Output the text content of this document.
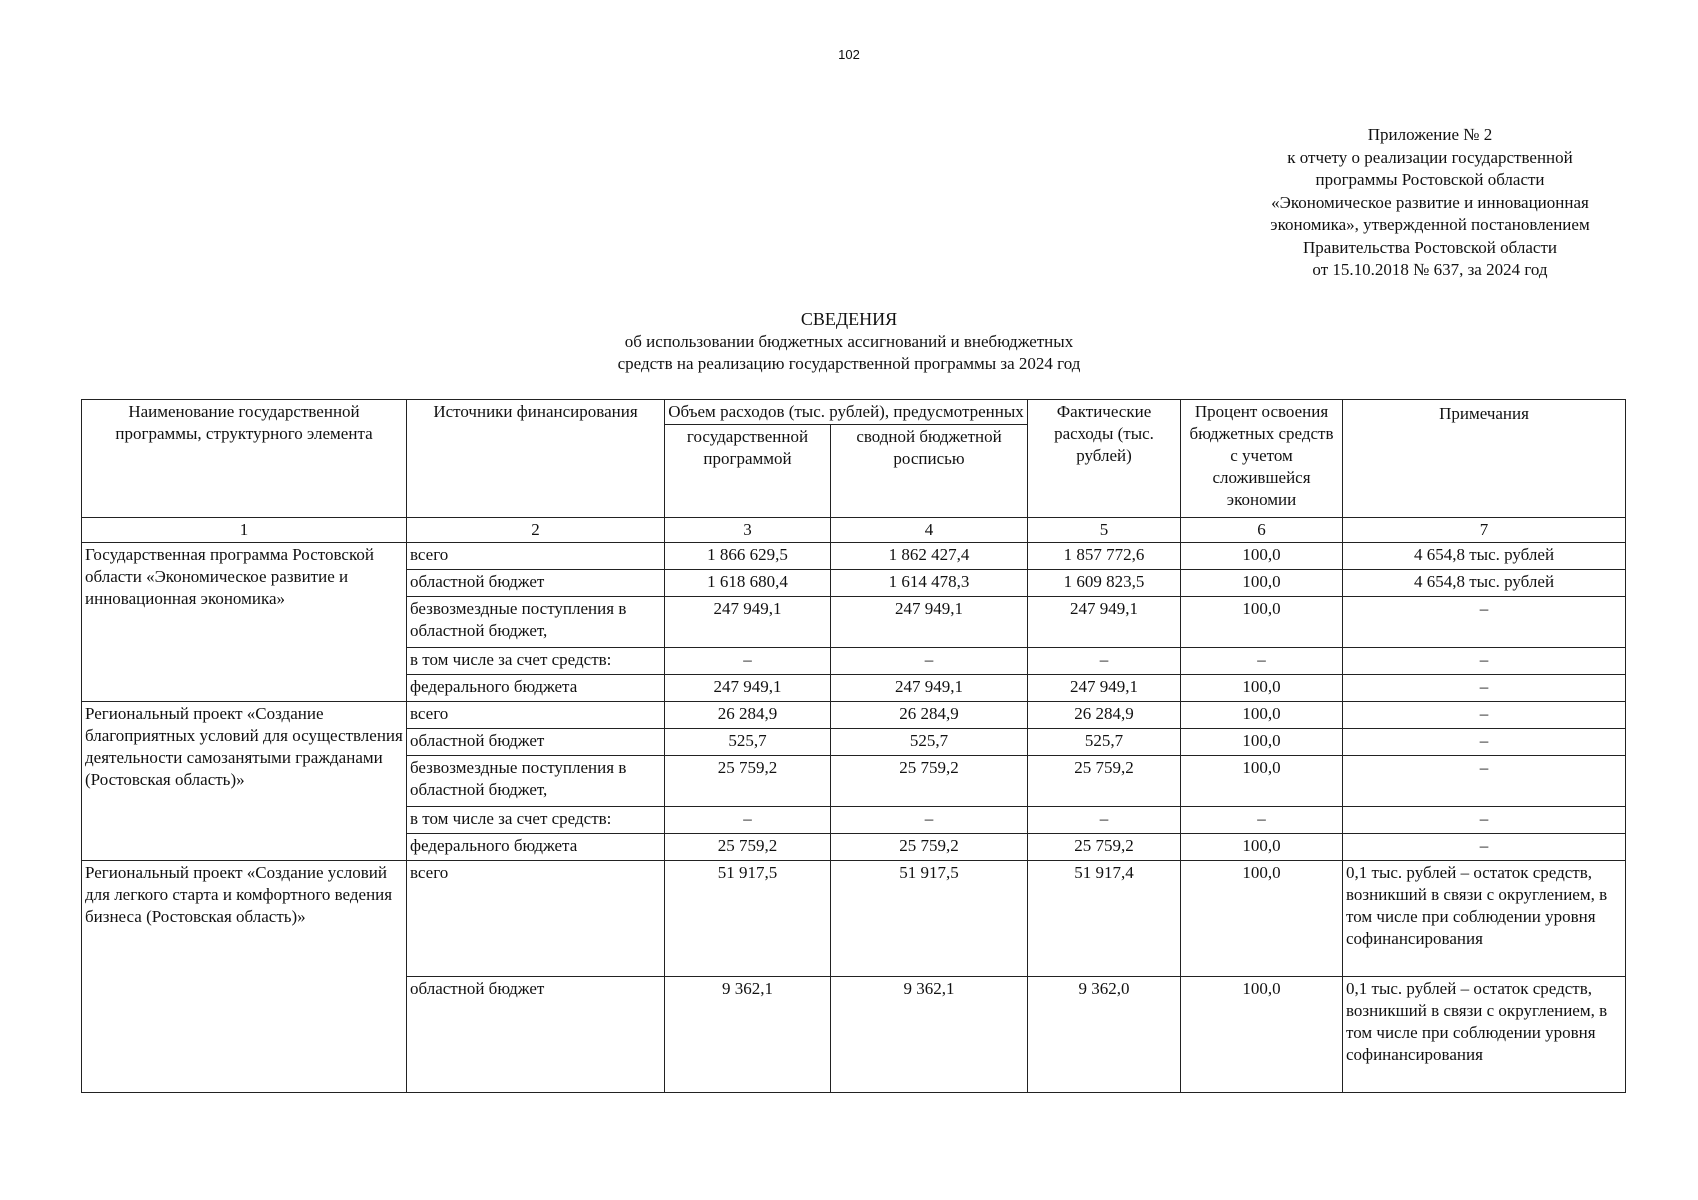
102
Приложение № 2
к отчету о реализации государственной
программы Ростовской области
«Экономическое развитие и инновационная
экономика», утвержденной постановлением
Правительства Ростовской области
от 15.10.2018 № 637, за 2024 год
СВЕДЕНИЯ
об использовании бюджетных ассигнований и внебюджетных
средств на реализацию государственной программы за 2024 год
Наименование государственной программы, структурного элемента	Источники финансирования	Объем расходов (тыс. рублей), предусмотренных		Фактические расходы (тыс. рублей)	Процент освоения бюджетных средств с учетом сложившейся экономии	Примечания
		государственной программой	сводной бюджетной росписью			
1	2	3	4	5	6	7
Государственная программа Ростовской области «Экономическое развитие и инновационная экономика»	всего	1 866 629,5	1 862 427,4	1 857 772,6	100,0	4 654,8 тыс. рублей
	областной бюджет	1 618 680,4	1 614 478,3	1 609 823,5	100,0	4 654,8 тыс. рублей
	безвозмездные поступления в областной бюджет,	247 949,1	247 949,1	247 949,1	100,0	–
	в том числе за счет средств:	–	–	–	–	–
	федерального бюджета	247 949,1	247 949,1	247 949,1	100,0	–
Региональный проект «Создание благоприятных условий для осуществления деятельности самозанятыми гражданами (Ростовская область)»	всего	26 284,9	26 284,9	26 284,9	100,0	–
	областной бюджет	525,7	525,7	525,7	100,0	–
	безвозмездные поступления в областной бюджет,	25 759,2	25 759,2	25 759,2	100,0	–
	в том числе за счет средств:	–	–	–	–	–
	федерального бюджета	25 759,2	25 759,2	25 759,2	100,0	–
Региональный проект «Создание условий для легкого старта и комфортного ведения бизнеса (Ростовская область)»	всего	51 917,5	51 917,5	51 917,4	100,0	0,1 тыс. рублей – остаток средств, возникший в связи с округлением, в том числе при соблюдении уровня софинансирования
	областной бюджет	9 362,1	9 362,1	9 362,0	100,0	0,1 тыс. рублей – остаток средств, возникший в связи с округлением, в том числе при соблюдении уровня софинансирования
